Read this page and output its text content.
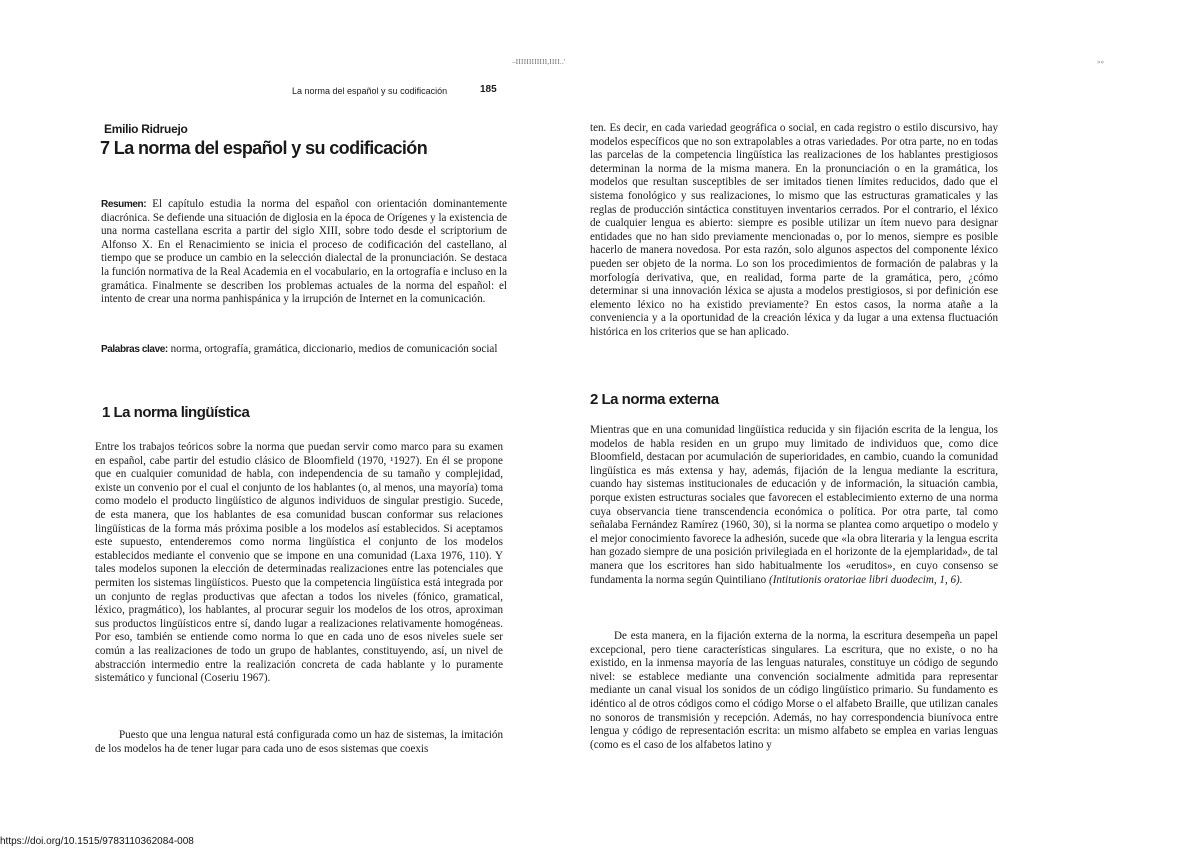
–IIIIIIIIIIII,IIII..'	»»
La norma del español y su codificación	185
Emilio Ridruejo
7 La norma del español y su codificación
Resumen: El capítulo estudia la norma del español con orientación dominantemente diacrónica. Se defiende una situación de diglosia en la época de Orígenes y la existencia de una norma castellana escrita a partir del siglo XIII, sobre todo desde el scriptorium de Alfonso X. En el Renacimiento se inicia el proceso de codificación del castellano, al tiempo que se produce un cambio en la selección dialectal de la pronunciación. Se destaca la función normativa de la Real Academia en el vocabulario, en la ortografía e incluso en la gramática. Finalmente se describen los problemas actuales de la norma del español: el intento de crear una norma panhispánica y la irrupción de Internet en la comunicación.
Palabras clave: norma, ortografía, gramática, diccionario, medios de comunicación social
1 La norma lingüística
Entre los trabajos teóricos sobre la norma que puedan servir como marco para su examen en español, cabe partir del estudio clásico de Bloomfield (1970, ¹1927). En él se propone que en cualquier comunidad de habla, con independencia de su tamaño y complejidad, existe un convenio por el cual el conjunto de los hablantes (o, al menos, una mayoría) toma como modelo el producto lingüístico de algunos individuos de singular prestigio. Sucede, de esta manera, que los hablantes de esa comunidad buscan conformar sus relaciones lingüísticas de la forma más próxima posible a los modelos así establecidos. Si aceptamos este supuesto, entenderemos como norma lingüística el conjunto de los modelos establecidos mediante el convenio que se impone en una comunidad (Laxa 1976, 110). Y tales modelos suponen la elección de determinadas realizaciones entre las potenciales que permiten los sistemas lingüísticos. Puesto que la competencia lingüística está integrada por un conjunto de reglas productivas que afectan a todos los niveles (fónico, gramatical, léxico, pragmático), los hablantes, al procurar seguir los modelos de los otros, aproximan sus productos lingüísticos entre sí, dando lugar a realizaciones relativamente homogéneas. Por eso, también se entiende como norma lo que en cada uno de esos niveles suele ser común a las realizaciones de todo un grupo de hablantes, constituyendo, así, un nivel de abstracción intermedio entre la realización concreta de cada hablante y lo puramente sistemático y funcional (Coseriu 1967).
Puesto que una lengua natural está configurada como un haz de sistemas, la imitación de los modelos ha de tener lugar para cada uno de esos sistemas que coexis
ten. Es decir, en cada variedad geográfica o social, en cada registro o estilo discursivo, hay modelos específicos que no son extrapolables a otras variedades. Por otra parte, no en todas las parcelas de la competencia lingüística las realizaciones de los hablantes prestigiosos determinan la norma de la misma manera. En la pronunciación o en la gramática, los modelos que resultan susceptibles de ser imitados tienen límites reducidos, dado que el sistema fonológico y sus realizaciones, lo mismo que las estructuras gramaticales y las reglas de producción sintáctica constituyen inventarios cerrados. Por el contrario, el léxico de cualquier lengua es abierto: siempre es posible utilizar un ítem nuevo para designar entidades que no han sido previamente mencionadas o, por lo menos, siempre es posible hacerlo de manera novedosa. Por esta razón, solo algunos aspectos del componente léxico pueden ser objeto de la norma. Lo son los procedimientos de formación de palabras y la morfología derivativa, que, en realidad, forma parte de la gramática, pero, ¿cómo determinar si una innovación léxica se ajusta a modelos prestigiosos, si por definición ese elemento léxico no ha existido previamente? En estos casos, la norma atañe a la conveniencia y a la oportunidad de la creación léxica y da lugar a una extensa fluctuación histórica en los criterios que se han aplicado.
2 La norma externa
Mientras que en una comunidad lingüística reducida y sin fijación escrita de la lengua, los modelos de habla residen en un grupo muy limitado de individuos que, como dice Bloomfield, destacan por acumulación de superioridades, en cambio, cuando la comunidad lingüística es más extensa y hay, además, fijación de la lengua mediante la escritura, cuando hay sistemas institucionales de educación y de información, la situación cambia, porque existen estructuras sociales que favorecen el establecimiento externo de una norma cuya observancia tiene transcendencia económica o política. Por otra parte, tal como señalaba Fernández Ramírez (1960, 30), si la norma se plantea como arquetipo o modelo y el mejor conocimiento favorece la adhesión, sucede que «la obra literaria y la lengua escrita han gozado siempre de una posición privilegiada en el horizonte de la ejemplaridad», de tal manera que los escritores han sido habitualmente los «eruditos», en cuyo consenso se fundamenta la norma según Quintiliano (Intitutionis oratoriae libri duodecim, 1, 6).
De esta manera, en la fijación externa de la norma, la escritura desempeña un papel excepcional, pero tiene características singulares. La escritura, que no existe, o no ha existido, en la inmensa mayoría de las lenguas naturales, constituye un código de segundo nivel: se establece mediante una convención socialmente admitida para representar mediante un canal visual los sonidos de un código lingüístico primario. Su fundamento es idéntico al de otros códigos como el código Morse o el alfabeto Braille, que utilizan canales no sonoros de transmisión y recepción. Además, no hay correspondencia biunívoca entre lengua y código de representación escrita: un mismo alfabeto se emplea en varias lenguas (como es el caso de los alfabetos latino y
https://doi.org/10.1515/9783110362084-008
